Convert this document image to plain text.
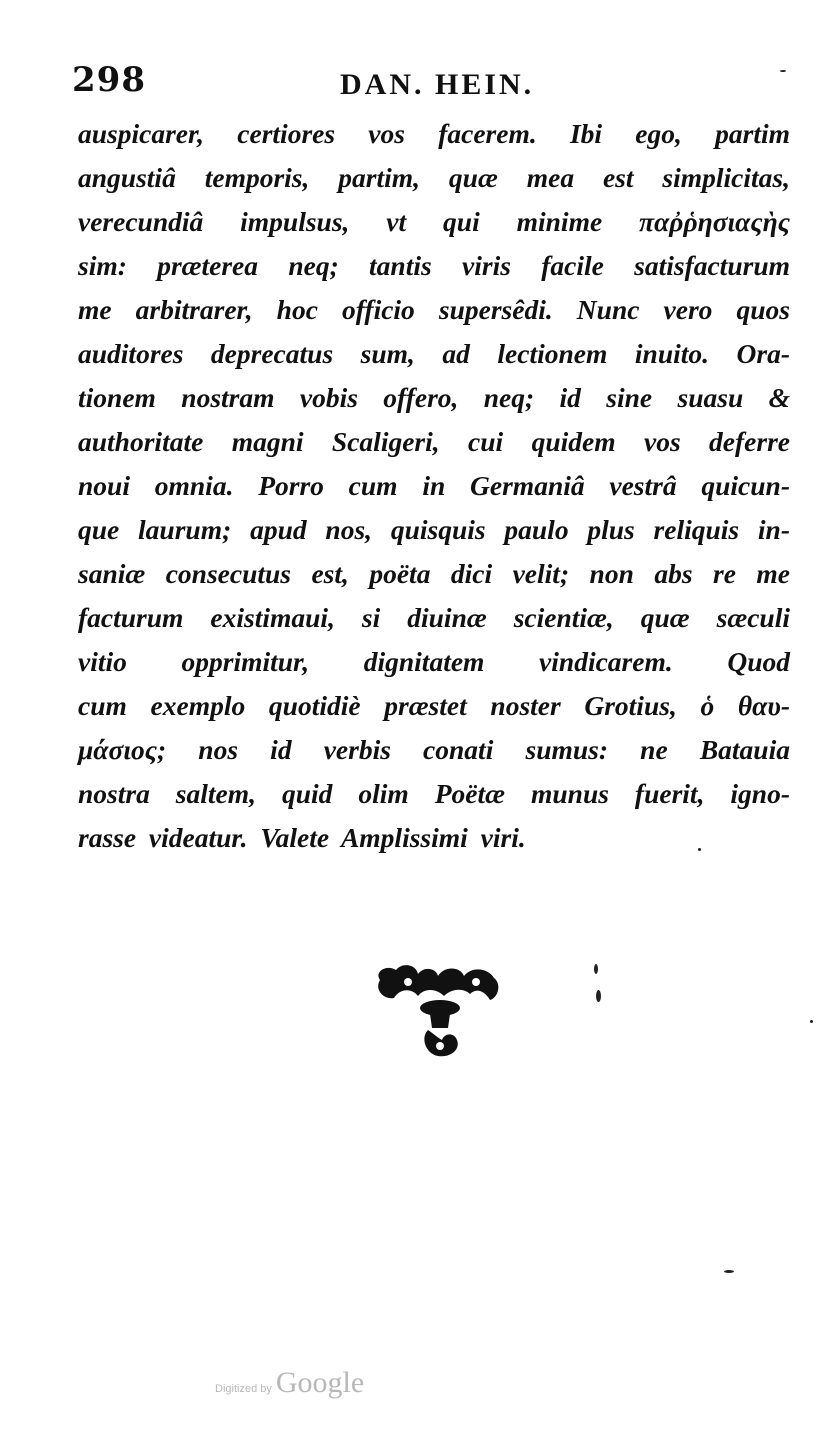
298	DAN. HEIN.
auspicarer, certiores vos facerem. Ibi ego, partim
angustiâ temporis, partim, quæ mea est simplicitas,
verecundiâ impulsus, vt qui minime παῤῥησιαςὴς
sim: præterea neq; tantis viris facile satisfacturum
me arbitrarer, hoc officio supersêdi. Nunc vero quos
auditores deprecatus sum, ad lectionem inuito. Ora-
tionem nostram vobis offero, neq; id sine suasu &
authoritate magni Scaligeri, cui quidem vos deferre
noui omnia. Porro cum in Germaniâ vestrâ quicun-
que laurum; apud nos, quisquis paulo plus reliquis in-
saniæ consecutus est, poëta dici velit; non abs re me
facturum existimaui, si diuinæ scientiæ, quæ sæculi
vitio opprimitur, dignitatem vindicarem. Quod
cum exemplo quotidiè præstet noster Grotius, ὁ θαυ-
μάσιος; nos id verbis conati sumus: ne Batauia
nostra saltem, quid olim Poëtæ munus fuerit, igno-
rasse videatur. Valete Amplissimi viri.
Digitized by Google
